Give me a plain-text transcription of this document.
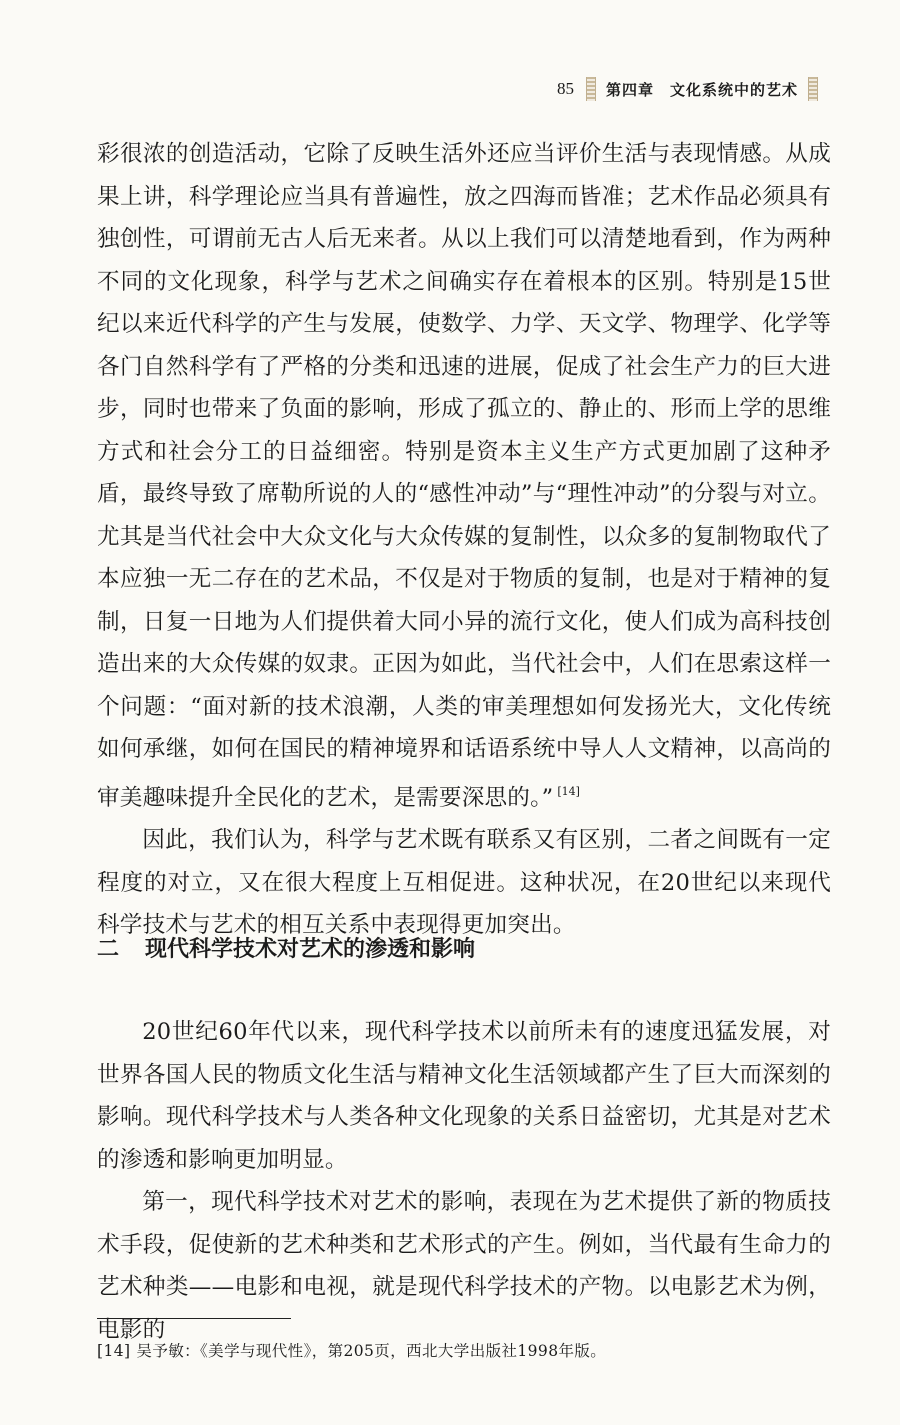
85 第四章　文化系统中的艺术

彩很浓的创造活动，它除了反映生活外还应当评价生活与表现情感。从成果上讲，科学理论应当具有普遍性，放之四海而皆准；艺术作品必须具有独创性，可谓前无古人后无来者。从以上我们可以清楚地看到，作为两种不同的文化现象，科学与艺术之间确实存在着根本的区别。特别是15世纪以来近代科学的产生与发展，使数学、力学、天文学、物理学、化学等各门自然科学有了严格的分类和迅速的进展，促成了社会生产力的巨大进步，同时也带来了负面的影响，形成了孤立的、静止的、形而上学的思维方式和社会分工的日益细密。特别是资本主义生产方式更加剧了这种矛盾，最终导致了席勒所说的人的“感性冲动”与“理性冲动”的分裂与对立。尤其是当代社会中大众文化与大众传媒的复制性，以众多的复制物取代了本应独一无二存在的艺术品，不仅是对于物质的复制，也是对于精神的复制，日复一日地为人们提供着大同小异的流行文化，使人们成为高科技创造出来的大众传媒的奴隶。正因为如此，当代社会中，人们在思索这样一个问题：“面对新的技术浪潮，人类的审美理想如何发扬光大，文化传统如何承继，如何在国民的精神境界和话语系统中导人人文精神，以高尚的审美趣味提升全民化的艺术，是需要深思的。” [14]

因此，我们认为，科学与艺术既有联系又有区别，二者之间既有一定程度的对立，又在很大程度上互相促进。这种状况，在20世纪以来现代科学技术与艺术的相互关系中表现得更加突出。

二 现代科学技术对艺术的渗透和影响

20世纪60年代以来，现代科学技术以前所未有的速度迅猛发展，对世界各国人民的物质文化生活与精神文化生活领域都产生了巨大而深刻的影响。现代科学技术与人类各种文化现象的关系日益密切，尤其是对艺术的渗透和影响更加明显。

第一，现代科学技术对艺术的影响，表现在为艺术提供了新的物质技术手段，促使新的艺术种类和艺术形式的产生。例如，当代最有生命力的艺术种类——电影和电视，就是现代科学技术的产物。以电影艺术为例，电影的

[14] 吴予敏：《美学与现代性》，第205页，西北大学出版社1998年版。
